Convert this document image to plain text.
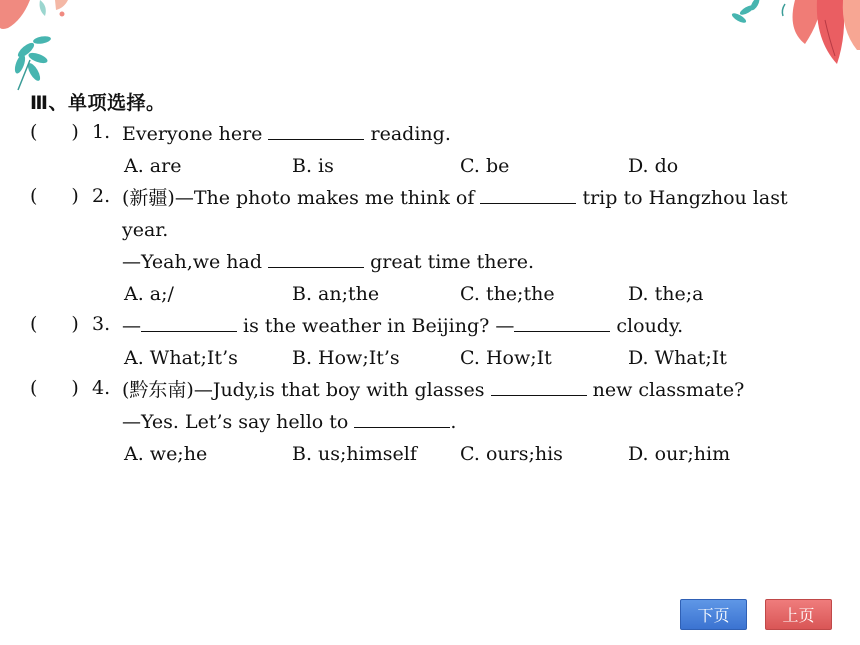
Ⅲ、单项选择。
( ) 1. Everyone here	reading.
A. are	B. is	C. be	D. do
( ) 2. (新疆)—The photo makes me think of	trip to Hangzhou last
year.
—Yeah,we had	great time there.
A. a;/	B. an;the	C. the;the	D. the;a
( ) 3. —	is the weather in Beijing? —	cloudy.
A. What;It’s	B. How;It’s	C. How;It	D. What;It
( ) 4. (黔东南)—Judy,is that boy with glasses	new classmate?
—Yes. Let’s say hello to	.
A. we;he	B. us;himself C. ours;his	D. our;him
下页	上页
